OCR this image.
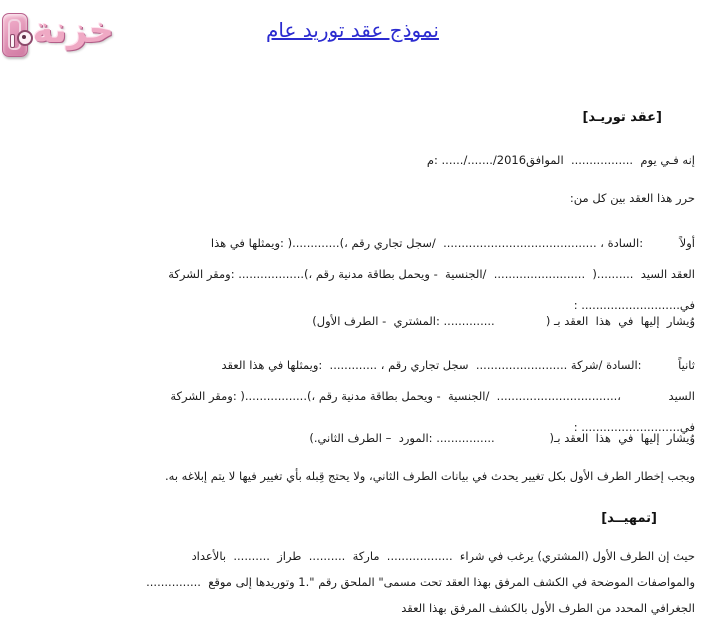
خزنة	نموذج عقد توريد عام
[عقد توريـد]
إنه فـي يوم  .................  الموافق2016/......./...... :م
حرر هذا العقد بين كل من:
أولاً          :السادة ، ..........................................  /سجل تجاري رقم ،).............( :ويمثلها في هذا
العقد السيد  ..........(  .........................  /الجنسية  - ويحمل بطاقة مدنية رقم ،).................. :ومقر الشركة
في........................... :
وُيشار  إليها  في  هذا  العقد بـ (              .............. :المشتري  - الطرف الأول)
ثانياً          :السادة /شركة .........................  سجل تجاري رقم ، .............  :ويمثلها في هذا العقد
السيد             ،.................................  /الجنسية  - ويحمل بطاقة مدنية رقم ،).................( :ومقر الشركة
في........................... :
وُيشار  إليها  في  هذا  العقد بـ(               ................ :المورد  – الطرف الثاني.)
ويجب إخطار الطرف الأول بكل تغيير يحدث في بيانات الطرف الثاني، ولا يحتج قِبله بأي تغيير فيها لا يتم إبلاغه به.
[تمهيــد]
حيث إن الطرف الأول (المشتري) يرغب في شراء  ..................  ماركة  ..........  طراز  ..........  بالأعداد
والمواصفات الموضحة في الكشف المرفق بهذا العقد تحت مسمى" الملحق رقم ".1 وتوريدها إلى موقع  ...............
الجغرافي المحدد من الطرف الأول بالكشف المرفق بهذا العقد
